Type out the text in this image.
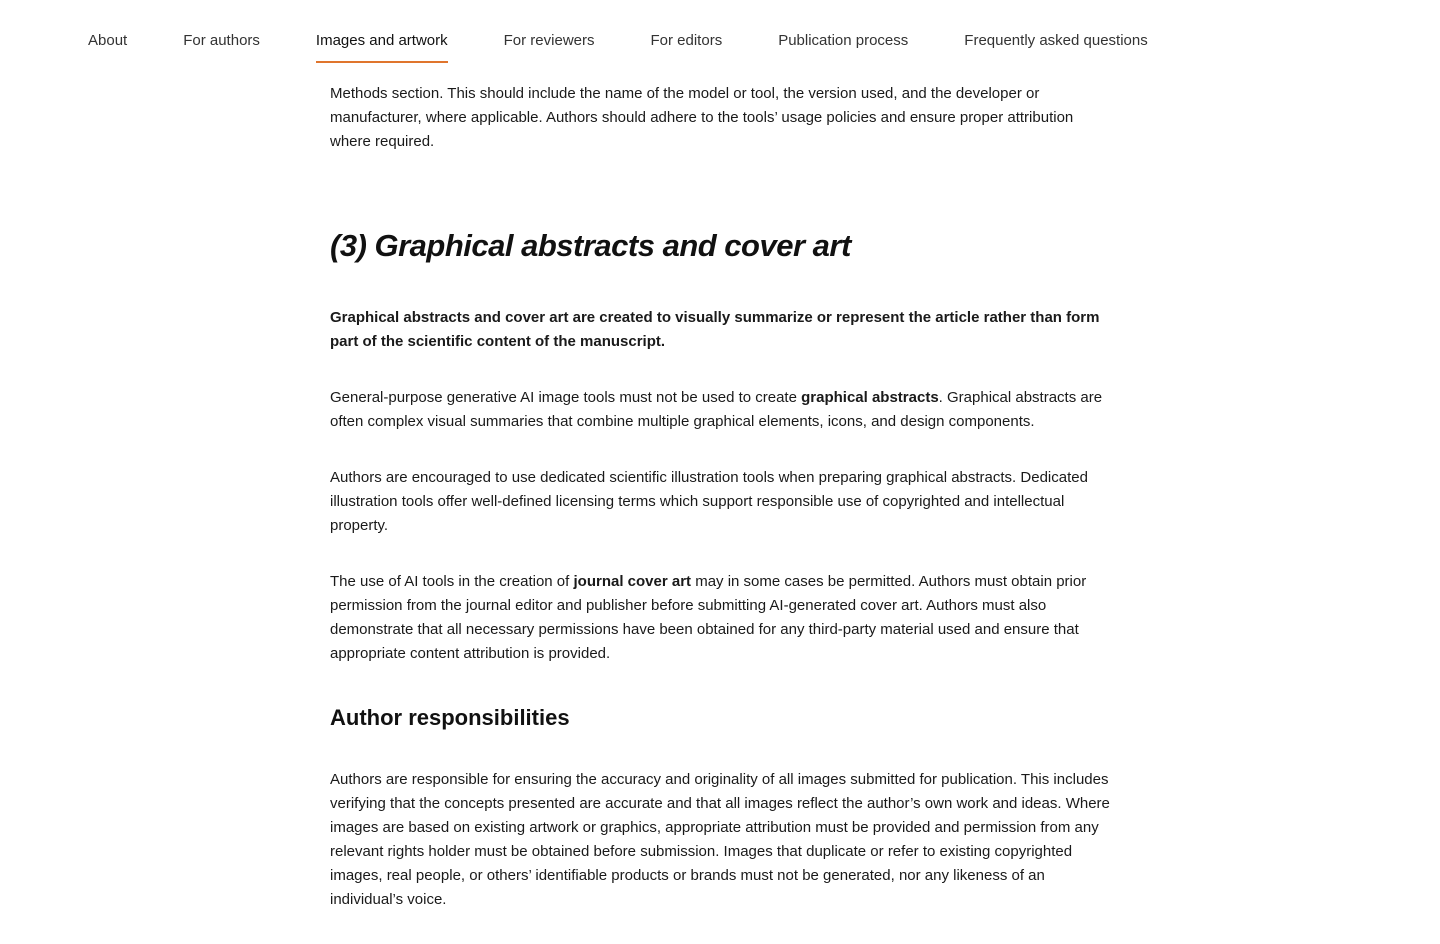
About	For authors	Images and artwork	For reviewers	For editors	Publication process	Frequently asked questions

Methods section. This should include the name of the model or tool, the version used, and the developer or manufacturer, where applicable. Authors should adhere to the tools’ usage policies and ensure proper attribution where required.

(3) Graphical abstracts and cover art

Graphical abstracts and cover art are created to visually summarize or represent the article rather than form part of the scientific content of the manuscript.

General-purpose generative AI image tools must not be used to create graphical abstracts. Graphical abstracts are often complex visual summaries that combine multiple graphical elements, icons, and design components.

Authors are encouraged to use dedicated scientific illustration tools when preparing graphical abstracts. Dedicated illustration tools offer well-defined licensing terms which support responsible use of copyrighted and intellectual property.

The use of AI tools in the creation of journal cover art may in some cases be permitted. Authors must obtain prior permission from the journal editor and publisher before submitting AI-generated cover art. Authors must also demonstrate that all necessary permissions have been obtained for any third-party material used and ensure that appropriate content attribution is provided.

Author responsibilities

Authors are responsible for ensuring the accuracy and originality of all images submitted for publication. This includes verifying that the concepts presented are accurate and that all images reflect the author’s own work and ideas. Where images are based on existing artwork or graphics, appropriate attribution must be provided and permission from any relevant rights holder must be obtained before submission. Images that duplicate or refer to existing copyrighted images, real people, or others’ identifiable products or brands must not be generated, nor any likeness of an individual’s voice.
